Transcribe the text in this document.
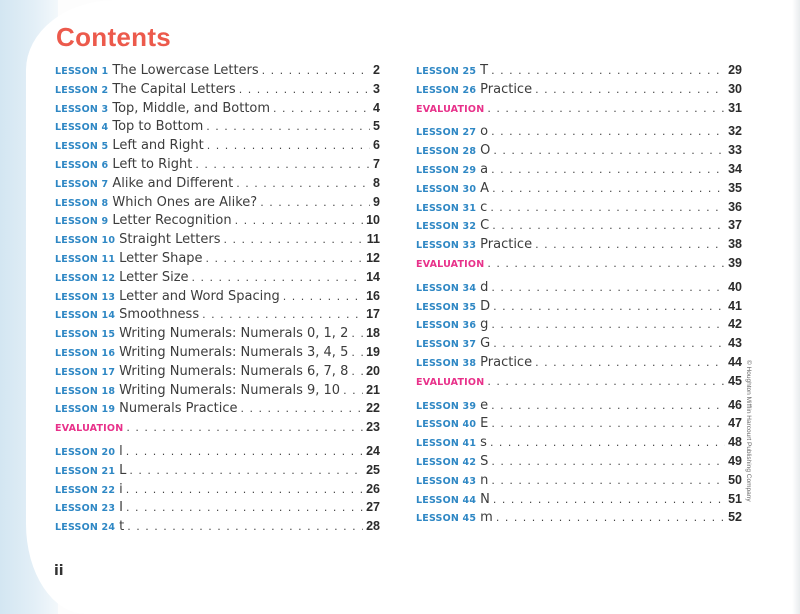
Contents
LESSON 1 The Lowercase Letters . . .	2
LESSON 2 The Capital Letters . . .	3
LESSON 3 Top, Middle, and Bottom . . .	4
LESSON 4 Top to Bottom . . .	5
LESSON 5 Left and Right . . .	6
LESSON 6 Left to Right . . .	7
LESSON 7 Alike and Different . . .	8
LESSON 8 Which Ones are Alike? . . .	9
LESSON 9 Letter Recognition . . .	10
LESSON 10 Straight Letters . . .	11
LESSON 11 Letter Shape . . .	12
LESSON 12 Letter Size . . .	14
LESSON 13 Letter and Word Spacing . . .	16
LESSON 14 Smoothness . . .	17
LESSON 15 Writing Numerals: Numerals 0, 1, 2 . . . 18
LESSON 16 Writing Numerals: Numerals 3, 4, 5 . . . 19
LESSON 17 Writing Numerals: Numerals 6, 7, 8 . . . 20
LESSON 18 Writing Numerals: Numerals 9, 10 . . . 21
LESSON 19 Numerals Practice . . .	22
EVALUATION . . .	23
LESSON 20 l . . .	24
LESSON 21 L . . .	25
LESSON 22 i . . .	26
LESSON 23 I . . .	27
LESSON 24 t . . .	28
LESSON 25 T . . .	29
LESSON 26 Practice . . .	30
EVALUATION . . .	31
LESSON 27 o . . .	32
LESSON 28 O . . .	33
LESSON 29 a . . .	34
LESSON 30 A . . .	35
LESSON 31 c . . .	36
LESSON 32 C . . .	37
LESSON 33 Practice . . .	38
EVALUATION . . .	39
LESSON 34 d . . .	40
LESSON 35 D . . .	41
LESSON 36 g . . .	42
LESSON 37 G . . .	43
LESSON 38 Practice . . .	44
EVALUATION . . .	45
LESSON 39 e . . .	46
LESSON 40 E . . .	47
LESSON 41 s . . .	48
LESSON 42 S . . .	49
LESSON 43 n . . .	50
LESSON 44 N . . .	51
LESSON 45 m . . .	52
ii
© Houghton Mifflin Harcourt Publishing Company
